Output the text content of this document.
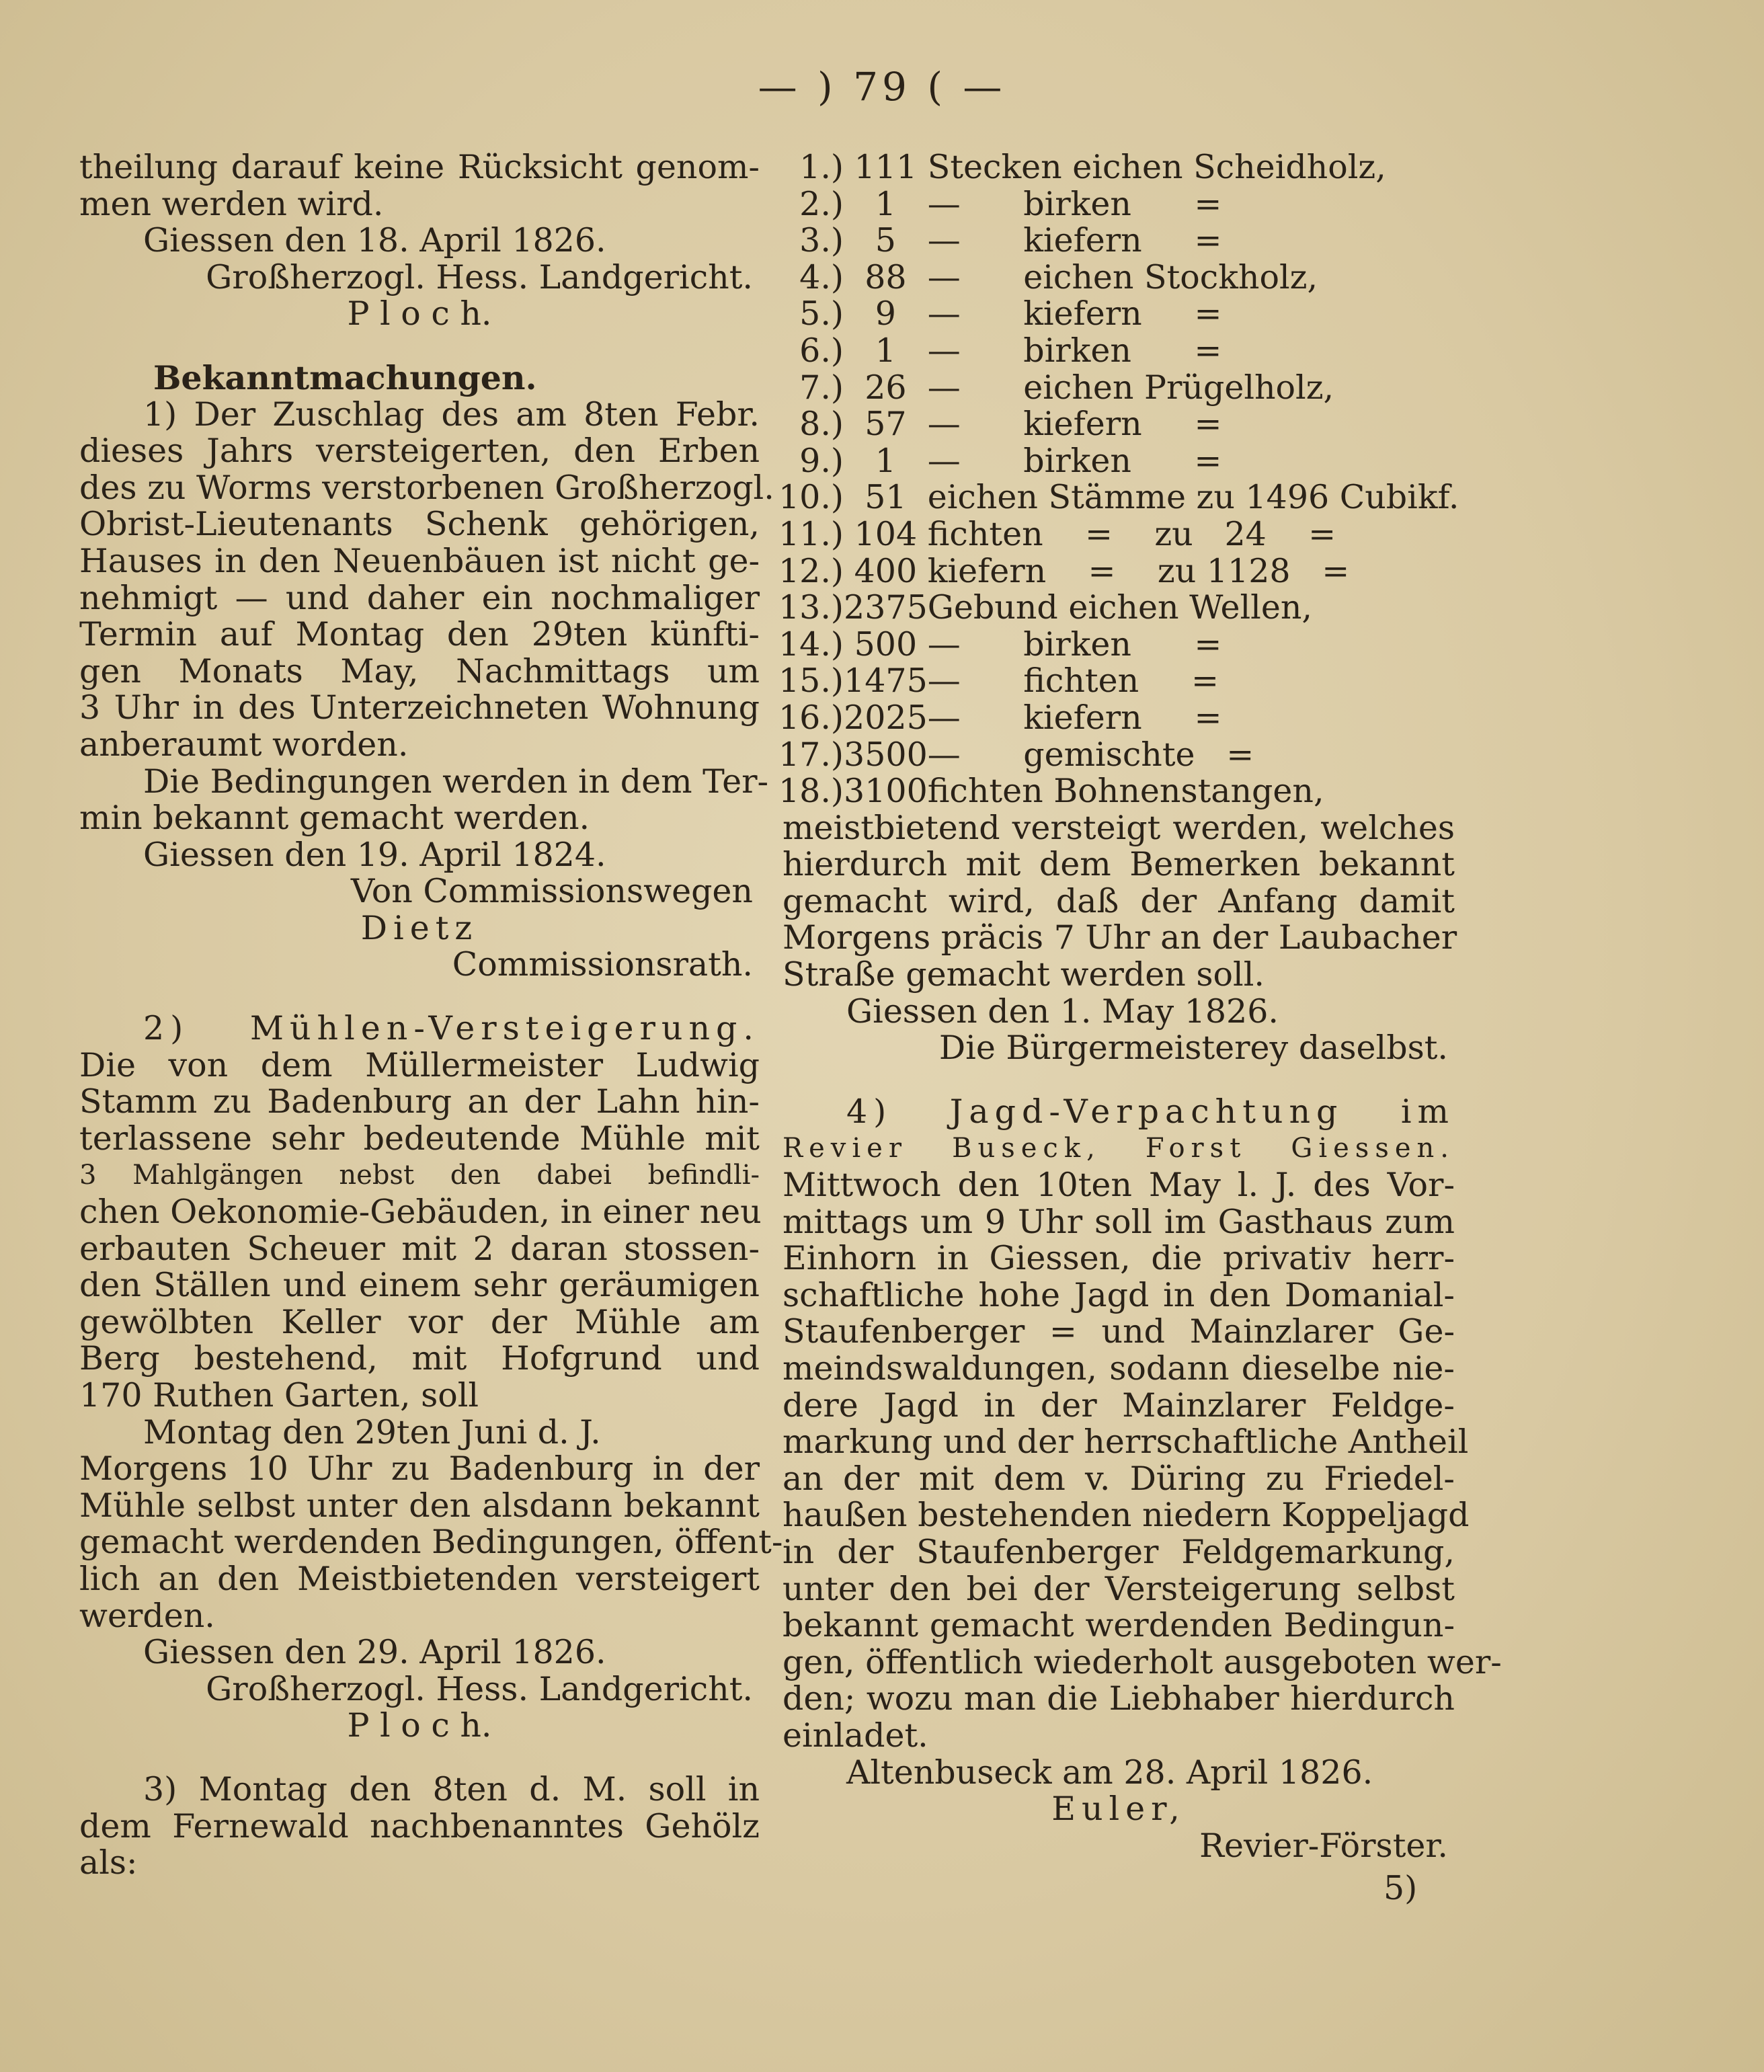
— ) 79 ( —
theilung darauf keine Rücksicht genom-
men werden wird.
Giessen den 18. April 1826.
Großherzogl. Hess. Landgericht.
P l o c h.
Bekanntmachungen.
1) Der Zuschlag des am 8ten Febr.
dieses Jahrs versteigerten, den Erben
des zu Worms verstorbenen Großherzogl.
Obrist-Lieutenants Schenk gehörigen,
Hauses in den Neuenbäuen ist nicht ge-
nehmigt — und daher ein nochmaliger
Termin auf Montag den 29ten künfti-
gen Monats May, Nachmittags um
3 Uhr in des Unterzeichneten Wohnung
anberaumt worden.
Die Bedingungen werden in dem Ter-
min bekannt gemacht werden.
Giessen den 19. April 1824.
Von Commissionswegen
Dietz
Commissionsrath.
2) Mühlen-Versteigerung.
Die von dem Müllermeister Ludwig
Stamm zu Badenburg an der Lahn hin-
terlassene sehr bedeutende Mühle mit
3 Mahlgängen nebst den dabei befindli-
chen Oekonomie-Gebäuden, in einer neu
erbauten Scheuer mit 2 daran stossen-
den Ställen und einem sehr geräumigen
gewölbten Keller vor der Mühle am
Berg bestehend, mit Hofgrund und
170 Ruthen Garten, soll
Montag den 29ten Juni d. J.
Morgens 10 Uhr zu Badenburg in der
Mühle selbst unter den alsdann bekannt
gemacht werdenden Bedingungen, öffent-
lich an den Meistbietenden versteigert
werden.
Giessen den 29. April 1826.
Großherzogl. Hess. Landgericht.
P l o c h.
3) Montag den 8ten d. M. soll in
dem Fernewald nachbenanntes Gehölz
als:
1.)	111	Stecken eichen Scheidholz,
2.)	1	—      birken      =
3.)	5	—      kiefern     =
4.)	88	—      eichen Stockholz,
5.)	9	—      kiefern     =
6.)	1	—      birken      =
7.)	26	—      eichen Prügelholz,
8.)	57	—      kiefern     =
9.)	1	—      birken      =
10.)	51	eichen Stämme zu 1496 Cubikf.
11.)	104	fichten    =    zu   24    =
12.)	400	kiefern    =    zu 1128   =
13.)	2375	Gebund eichen Wellen,
14.)	500	—      birken      =
15.)	1475	—      fichten     =
16.)	2025	—      kiefern     =
17.)	3500	—      gemischte   =
18.)	3100	fichten Bohnenstangen,
meistbietend versteigt werden, welches
hierdurch mit dem Bemerken bekannt
gemacht wird, daß der Anfang damit
Morgens präcis 7 Uhr an der Laubacher
Straße gemacht werden soll.
Giessen den 1. May 1826.
Die Bürgermeisterey daselbst.
4) Jagd-Verpachtung im
Revier Buseck, Forst Giessen.
Mittwoch den 10ten May l. J. des Vor-
mittags um 9 Uhr soll im Gasthaus zum
Einhorn in Giessen, die privativ herr-
schaftliche hohe Jagd in den Domanial-
Staufenberger = und Mainzlarer Ge-
meindswaldungen, sodann dieselbe nie-
dere Jagd in der Mainzlarer Feldge-
markung und der herrschaftliche Antheil
an der mit dem v. Düring zu Friedel-
haußen bestehenden niedern Koppeljagd
in der Staufenberger Feldgemarkung,
unter den bei der Versteigerung selbst
bekannt gemacht werdenden Bedingun-
gen, öffentlich wiederholt ausgeboten wer-
den; wozu man die Liebhaber hierdurch
einladet.
Altenbuseck am 28. April 1826.
Euler,
Revier-Förster.
5)
